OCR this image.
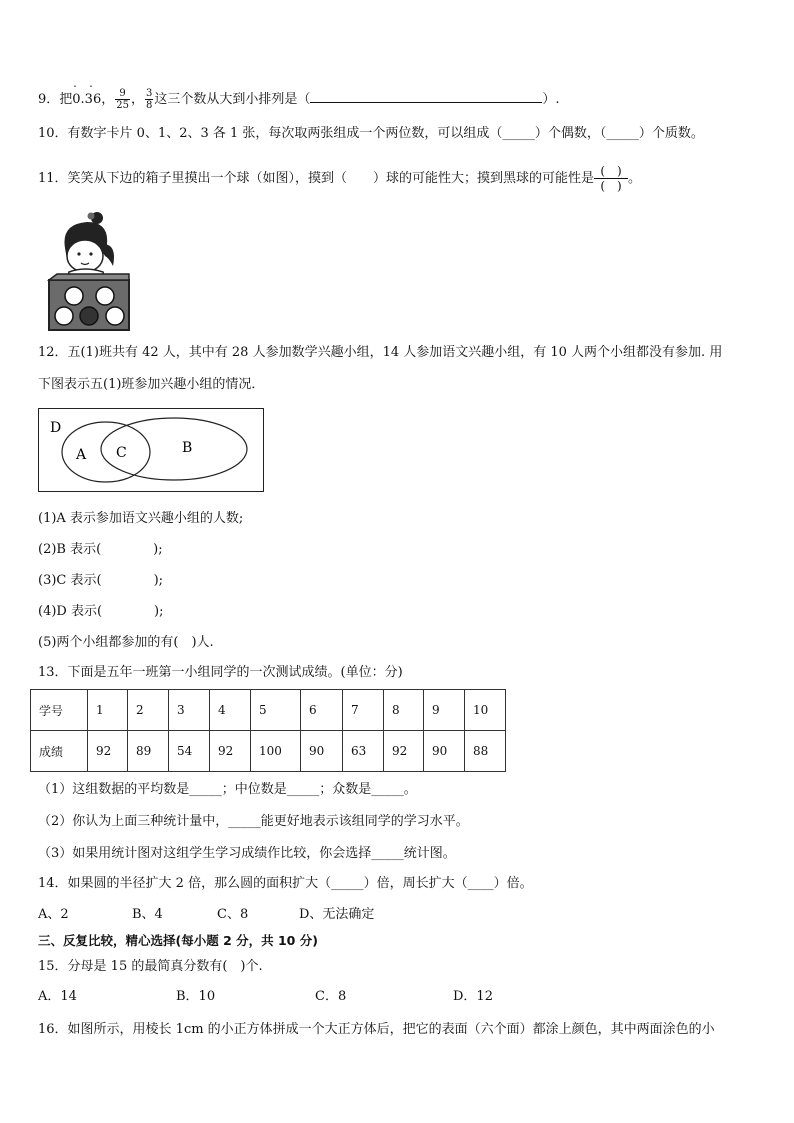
9．把
· ·
0.36， $\frac{9}{25}$ ， $\frac{3}{8}$ 这三个数从大到小排列是（	）.
10．有数字卡片 0、1、2、3 各 1 张，每次取两张组成一个两位数，可以组成（_____）个偶数，（_____）个质数。
11．笑笑从下边的箱子里摸出一个球（如图），摸到（　　）球的可能性大；摸到黑球的可能性是 (　)
(　) 。
12．五(1)班共有 42 人，其中有 28 人参加数学兴趣小组，14 人参加语文兴趣小组，有 10 人两个小组都没有参加. 用
下图表示五(1)班参加兴趣小组的情况．
D
A C	B
(1)A 表示参加语文兴趣小组的人数;
(2)B 表示(　　　　);
(3)C 表示(　　　　);
(4)D 表示(　　　　);
(5)两个小组都参加的有(　)人.
13．下面是五年一班第一小组同学的一次测试成绩。(单位：分)
学号	1	2	3	4	5	6	7	8	9	10
成绩	92	89	54	92	100	90	63	92	90	88
（1）这组数据的平均数是_____；中位数是_____；众数是_____。
（2）你认为上面三种统计量中，_____能更好地表示该组同学的学习水平。
（3）如果用统计图对这组学生学习成绩作比较，你会选择_____统计图。
14．如果圆的半径扩大 2 倍，那么圆的面积扩大（_____）倍，周长扩大（____）倍。
A、2	B、4	C、8	D、无法确定
三、反复比较，精心选择(每小题 2 分，共 10 分)
15．分母是 15 的最简真分数有(　)个.
A．14	B．10	C．8	D．12
16．如图所示，用棱长 1cm 的小正方体拼成一个大正方体后，把它的表面（六个面）都涂上颜色，其中两面涂色的小
